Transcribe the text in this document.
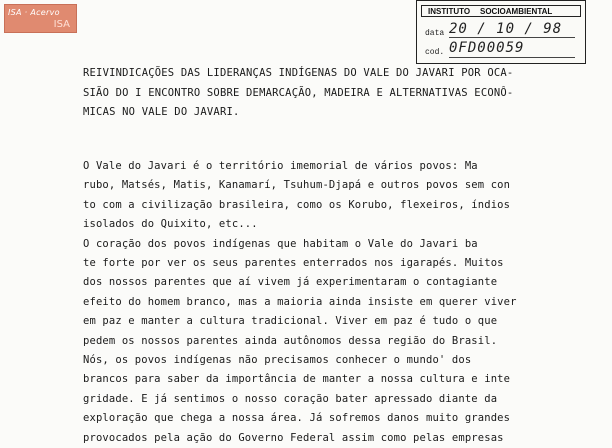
ISA · Acervo
ISA
INSTITUTO SOCIOAMBIENTAL
data 20 / 10 / 98
cod. 0FD00059
REIVINDICAÇÕES DAS LIDERANÇAS INDÍGENAS DO VALE DO JAVARI POR OCA-
SIÃO DO I ENCONTRO SOBRE DEMARCAÇÃO, MADEIRA E ALTERNATIVAS ECONÔ-
MICAS NO VALE DO JAVARI.
O Vale do Javari é o território imemorial de vários povos: Ma
rubo, Matsés, Matis, Kanamarí, Tsuhum-Djapá e outros povos sem con
to com a civilização brasileira, como os Korubo, flexeiros, índios
isolados do Quixito, etc...
O coração dos povos indígenas que habitam o Vale do Javari ba
te forte por ver os seus parentes enterrados nos igarapés. Muitos
dos nossos parentes que aí vivem já experimentaram o contagiante
efeito do homem branco, mas a maioria ainda insiste em querer viver
em paz e manter a cultura tradicional. Viver em paz é tudo o que
pedem os nossos parentes ainda autônomos dessa região do Brasil.
Nós, os povos indígenas não precisamos conhecer o mundo' dos
brancos para saber da importância de manter a nossa cultura e inte
gridade. E já sentimos o nosso coração bater apressado diante da
exploração que chega a nossa área. Já sofremos danos muito grandes
provocados pela ação do Governo Federal assim como pelas empresas
